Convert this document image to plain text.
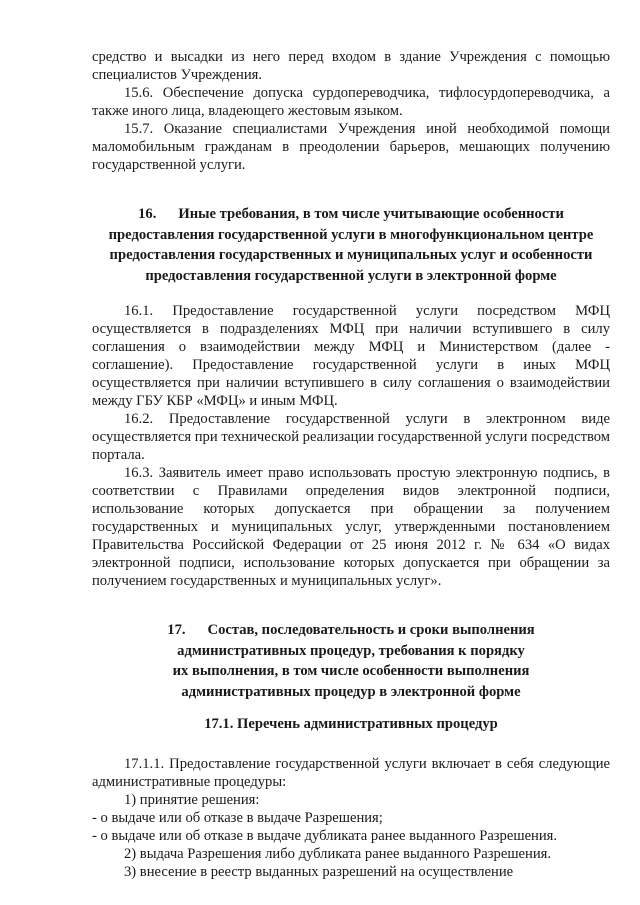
средство и высадки из него перед входом в здание Учреждения с помощью специалистов Учреждения.

15.6. Обеспечение допуска сурдопереводчика, тифлосурдопереводчика, а также иного лица, владеющего жестовым языком.

15.7. Оказание специалистами Учреждения иной необходимой помощи маломобильным гражданам в преодолении барьеров, мешающих получению государственной услуги.

16. Иные требования, в том числе учитывающие особенности предоставления государственной услуги в многофункциональном центре предоставления государственных и муниципальных услуг и особенности предоставления государственной услуги в электронной форме

16.1. Предоставление государственной услуги посредством МФЦ осуществляется в подразделениях МФЦ при наличии вступившего в силу соглашения о взаимодействии между МФЦ и Министерством (далее - соглашение). Предоставление государственной услуги в иных МФЦ осуществляется при наличии вступившего в силу соглашения о взаимодействии между ГБУ КБР «МФЦ» и иным МФЦ.

16.2. Предоставление государственной услуги в электронном виде осуществляется при технической реализации государственной услуги посредством портала.

16.3. Заявитель имеет право использовать простую электронную подпись, в соответствии с Правилами определения видов электронной подписи, использование которых допускается при обращении за получением государственных и муниципальных услуг, утвержденными постановлением Правительства Российской Федерации от 25 июня 2012 г. № 634 «О видах электронной подписи, использование которых допускается при обращении за получением государственных и муниципальных услуг».

17. Состав, последовательность и сроки выполнения
административных процедур, требования к порядку
их выполнения, в том числе особенности выполнения
административных процедур в электронной форме
17.1. Перечень административных процедур

17.1.1. Предоставление государственной услуги включает в себя следующие административные процедуры:

1) принятие решения:

- о выдаче или об отказе в выдаче Разрешения;

- о выдаче или об отказе в выдаче дубликата ранее выданного Разрешения.

2) выдача Разрешения либо дубликата ранее выданного Разрешения.

3) внесение в реестр выданных разрешений на осуществление
